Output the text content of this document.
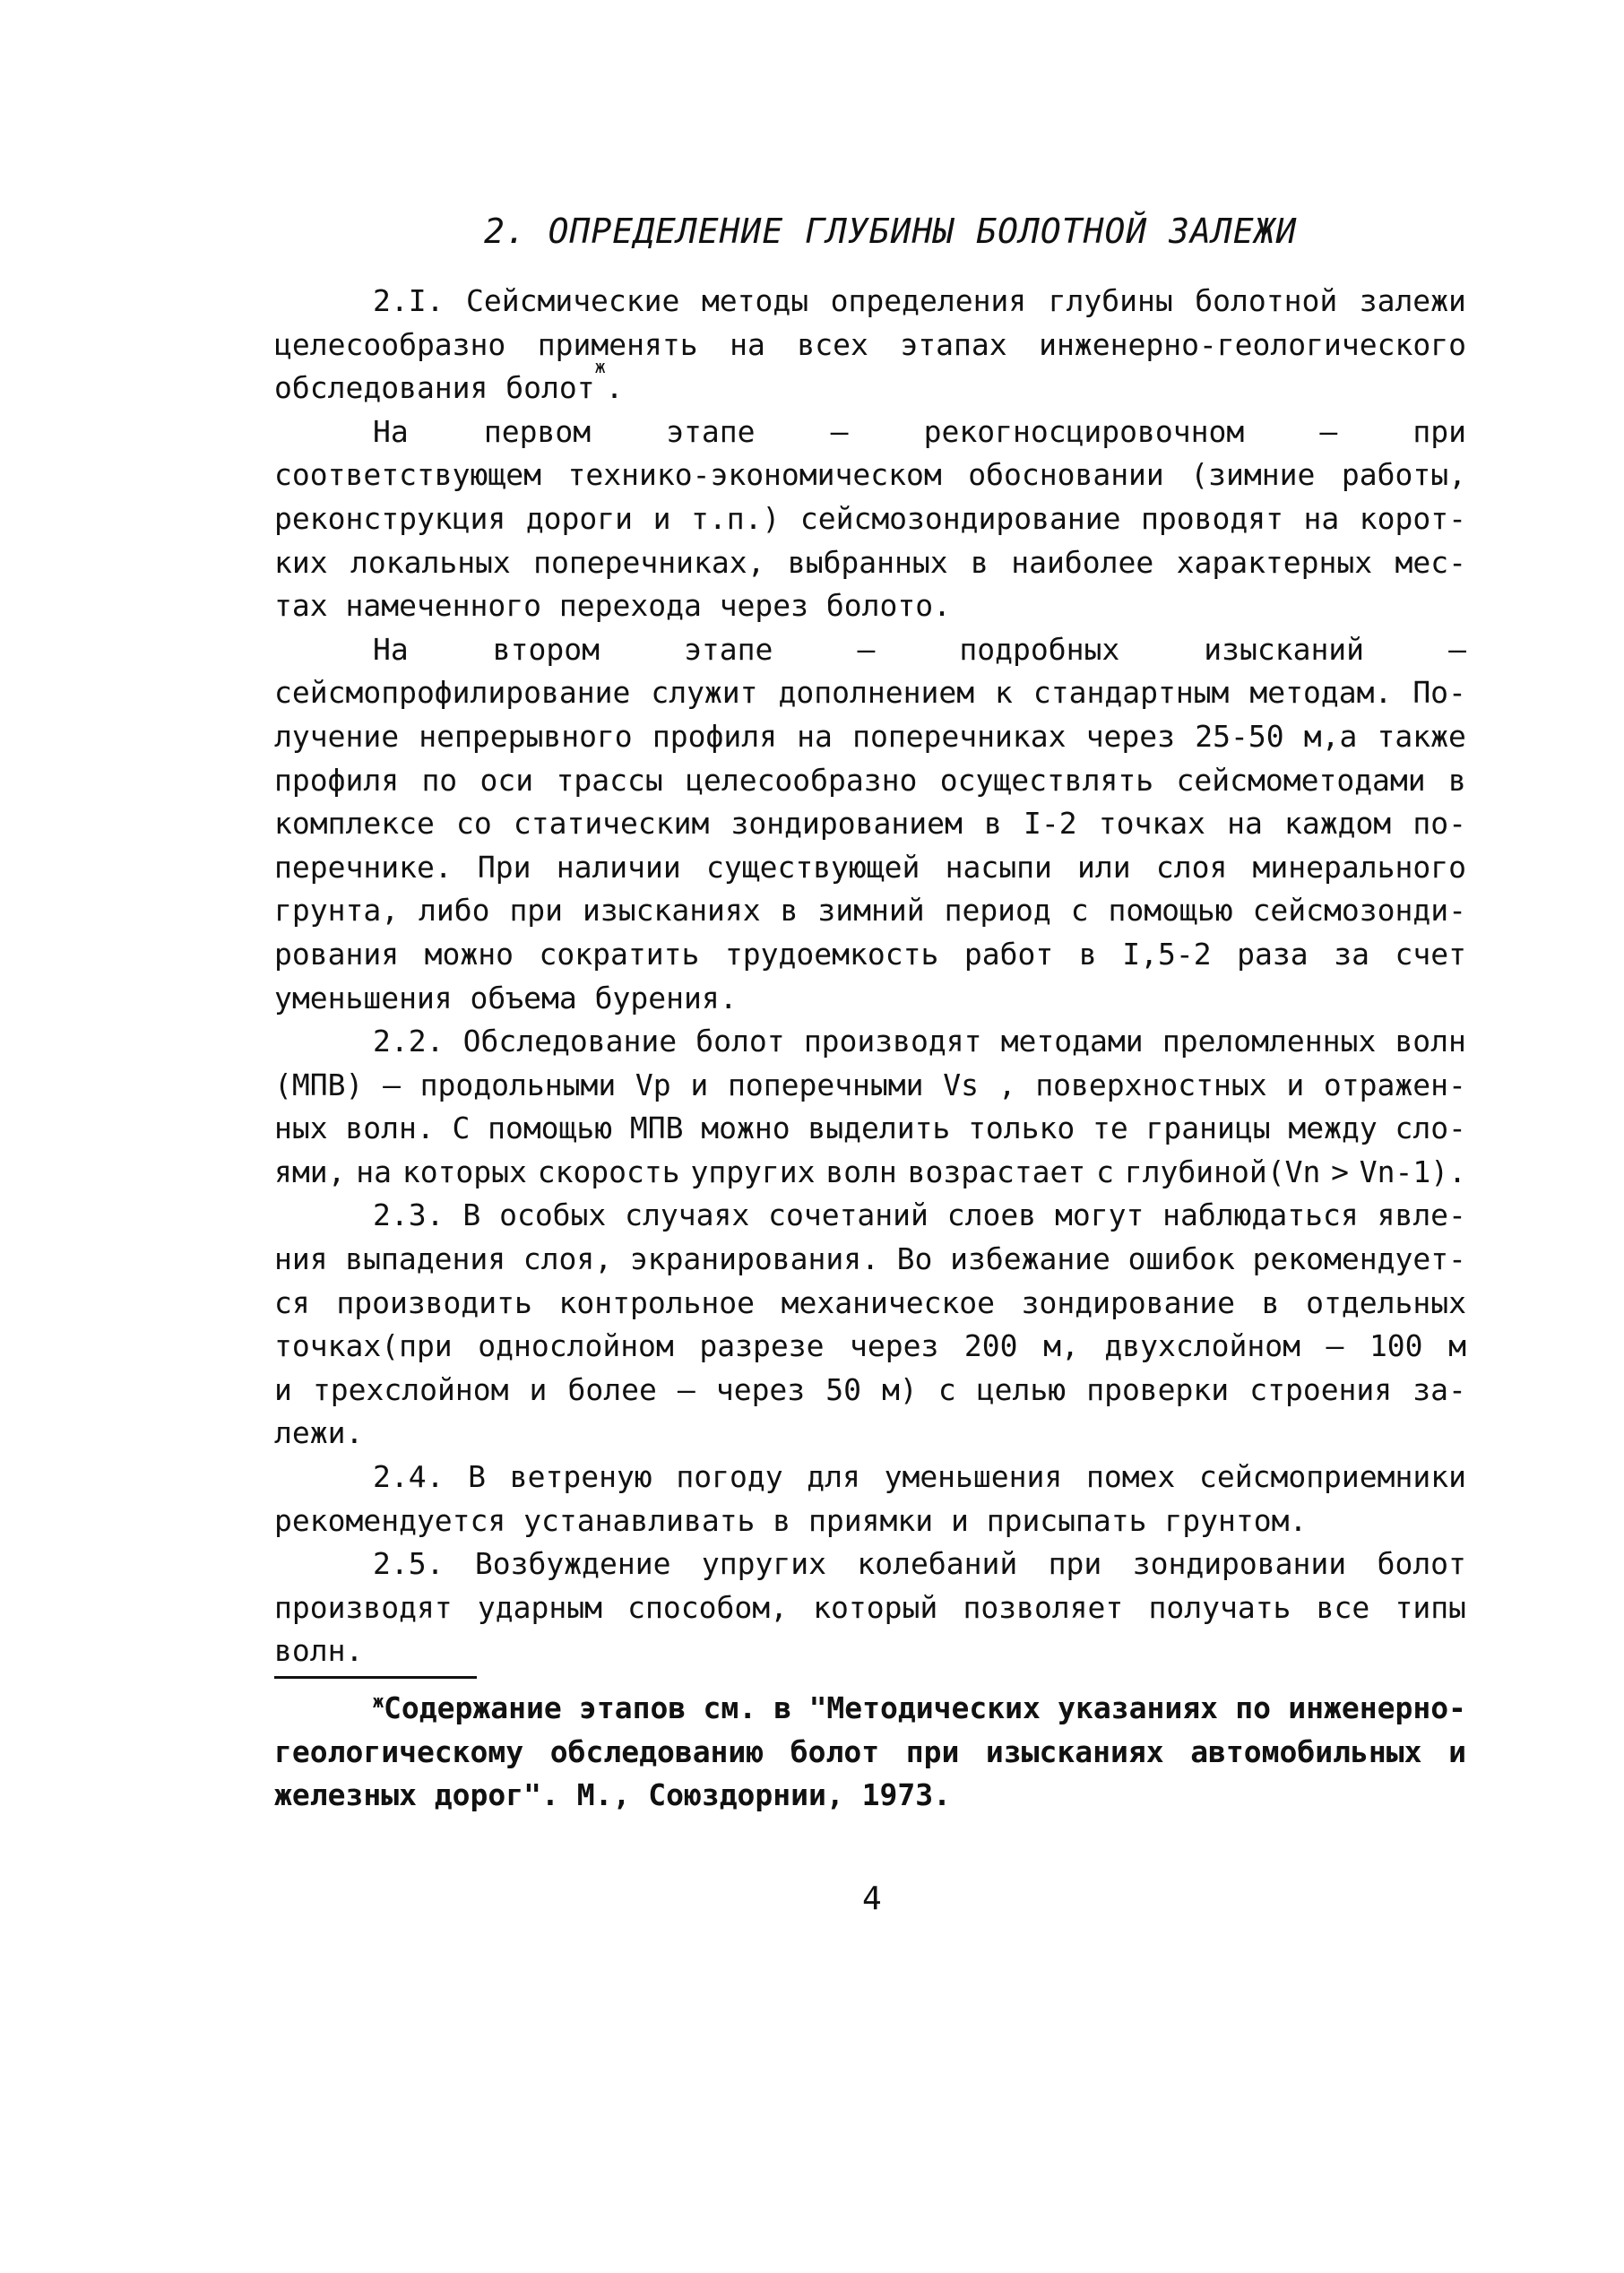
2. ОПРЕДЕЛЕНИЕ ГЛУБИНЫ БОЛОТНОЙ ЗАЛЕЖИ
2.I. Сейсмические методы определения глубины болотной залежи
целесообразно применять на всех этапах инженерно-геологического
обследования болот
ж
.
На	первом	этапе	—	рекогносцировочном	—	при
соответствующем технико-экономическом обосновании (зимние работы,
реконструкция дороги и т.п.) сейсмозондирование проводят на корот-
ких локальных поперечниках, выбранных в наиболее характерных мес-
тах намеченного перехода через болото.
На	втором	этапе	—	подробных	изысканий	—
сейсмопрофилирование служит дополнением к стандартным методам. По-
лучение непрерывного профиля на поперечниках через 25-50 м,а также
профиля по оси трассы целесообразно осуществлять сейсмометодами в
комплексе со статическим зондированием в I-2 точках на каждом по-
перечнике. При наличии существующей насыпи или слоя минерального
грунта, либо при изысканиях в зимний период с помощью сейсмозонди-
рования можно сократить трудоемкость работ в I,5-2 раза за счет
уменьшения объема бурения.
2.2. Обследование болот производят методами преломленных волн
(МПВ) — продольными Vp и поперечными Vs , поверхностных и отражен-
ных волн. С помощью МПВ можно выделить только те границы между сло-
ями, на которых скорость упругих волн возрастает с глубиной(Vn > Vn-1).
2.3. В особых случаях сочетаний слоев могут наблюдаться явле-
ния выпадения слоя, экранирования. Во избежание ошибок рекомендует-
ся производить контрольное механическое зондирование в отдельных
точках(при однослойном разрезе через 200 м, двухслойном — 100 м
и трехслойном и более — через 50 м) с целью проверки строения за-
лежи.
2.4. В ветреную погоду для уменьшения помех сейсмоприемники
рекомендуется устанавливать в приямки и присыпать грунтом.
2.5. Возбуждение упругих колебаний при зондировании болот
производят ударным способом, который позволяет получать все типы
волн.
жСодержание этапов см. в "Методических указаниях по инженерно-
геологическому обследованию болот при изысканиях автомобильных и
железных дорог". М., Союздорнии, 1973.
4
